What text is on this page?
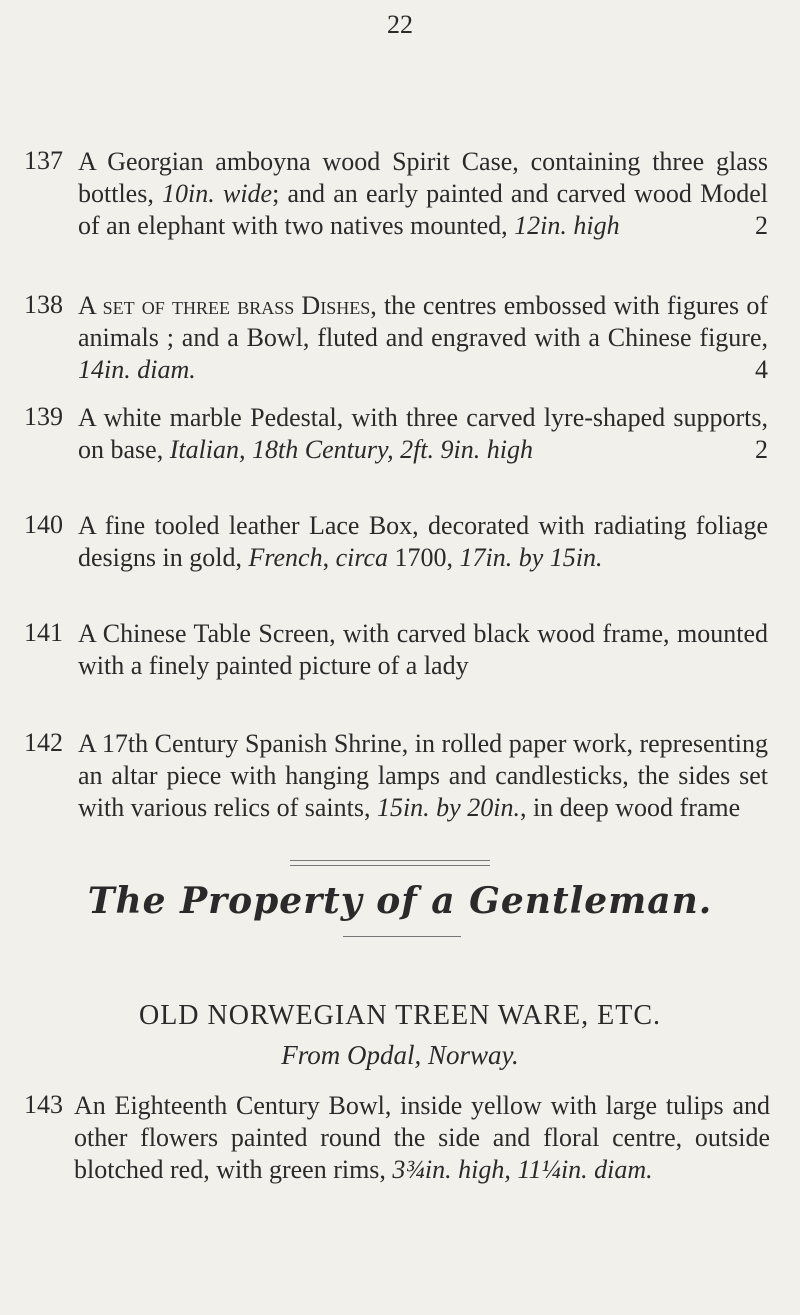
22
137 A Georgian amboyna wood Spirit Case, containing three glass bottles, 10in. wide; and an early painted and carved wood Model of an elephant with two natives mounted, 12in. high	2
138 A set of three brass Dishes, the centres embossed with figures of animals ; and a Bowl, fluted and engraved with a Chinese figure, 14in. diam.	4
139 A white marble Pedestal, with three carved lyre-shaped supports, on base, Italian, 18th Century, 2ft. 9in. high	2
140 A fine tooled leather Lace Box, decorated with radiating foliage designs in gold, French, circa 1700, 17in. by 15in.
141 A Chinese Table Screen, with carved black wood frame, mounted with a finely painted picture of a lady
142 A 17th Century Spanish Shrine, in rolled paper work, representing an altar piece with hanging lamps and candlesticks, the sides set with various relics of saints, 15in. by 20in., in deep wood frame
The Property of a Gentleman.
OLD NORWEGIAN TREEN WARE, ETC.
From Opdal, Norway.
143 An Eighteenth Century Bowl, inside yellow with large tulips and other flowers painted round the side and floral centre, outside blotched red, with green rims, 3¾in. high, 11¼in. diam.
